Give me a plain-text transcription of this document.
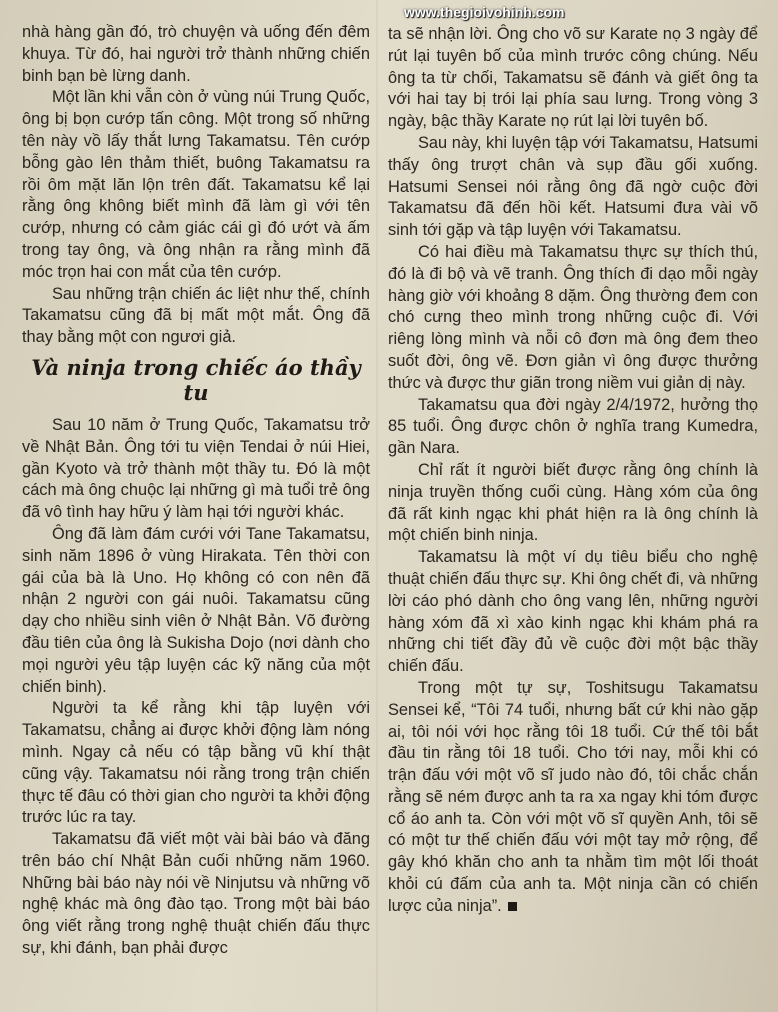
nhà hàng gần đó, trò chuyện và uống đến đêm khuya. Từ đó, hai người trở thành những chiến binh bạn bè lừng danh.

Một lần khi vẫn còn ở vùng núi Trung Quốc, ông bị bọn cướp tấn công. Một trong số những tên này vồ lấy thắt lưng Takamatsu. Tên cướp bỗng gào lên thảm thiết, buông Takamatsu ra rồi ôm mặt lăn lộn trên đất. Takamatsu kể lại rằng ông không biết mình đã làm gì với tên cướp, nhưng có cảm giác cái gì đó ướt và ấm trong tay ông, và ông nhận ra rằng mình đã móc trọn hai con mắt của tên cướp.

Sau những trận chiến ác liệt như thế, chính Takamatsu cũng đã bị mất một mắt. Ông đã thay bằng một con ngươi giả.

Và ninja trong chiếc áo thầy tu

Sau 10 năm ở Trung Quốc, Takamatsu trở về Nhật Bản. Ông tới tu viện Tendai ở núi Hiei, gần Kyoto và trở thành một thầy tu. Đó là một cách mà ông chuộc lại những gì mà tuổi trẻ ông đã vô tình hay hữu ý làm hại tới người khác.

Ông đã làm đám cưới với Tane Takamatsu, sinh năm 1896 ở vùng Hirakata. Tên thời con gái của bà là Uno. Họ không có con nên đã nhận 2 người con gái nuôi. Takamatsu cũng dạy cho nhiều sinh viên ở Nhật Bản. Võ đường đầu tiên của ông là Sukisha Dojo (nơi dành cho mọi người yêu tập luyện các kỹ năng của một chiến binh).

Người ta kể rằng khi tập luyện với Takamatsu, chẳng ai được khởi động làm nóng mình. Ngay cả nếu có tập bằng vũ khí thật cũng vậy. Takamatsu nói rằng trong trận chiến thực tế đâu có thời gian cho người ta khởi động trước lúc ra tay.

Takamatsu đã viết một vài bài báo và đăng trên báo chí Nhật Bản cuối những năm 1960. Những bài báo này nói về Ninjutsu và những võ nghệ khác mà ông đào tạo. Trong một bài báo ông viết rằng trong nghệ thuật chiến đấu thực sự, khi đánh, bạn phải được

ta sẽ nhận lời. Ông cho võ sư Karate nọ 3 ngày để rút lại tuyên bố của mình trước công chúng. Nếu ông ta từ chối, Takamatsu sẽ đánh và giết ông ta với hai tay bị trói lại phía sau lưng. Trong vòng 3 ngày, bậc thầy Karate nọ rút lại lời tuyên bố.

Sau này, khi luyện tập với Takamatsu, Hatsumi thấy ông trượt chân và sụp đầu gối xuống. Hatsumi Sensei nói rằng ông đã ngờ cuộc đời Takamatsu đã đến hồi kết. Hatsumi đưa vài võ sinh tới gặp và tập luyện với Takamatsu.

Có hai điều mà Takamatsu thực sự thích thú, đó là đi bộ và vẽ tranh. Ông thích đi dạo mỗi ngày hàng giờ với khoảng 8 dặm. Ông thường đem con chó cưng theo mình trong những cuộc đi. Với riêng lòng mình và nỗi cô đơn mà ông đem theo suốt đời, ông vẽ. Đơn giản vì ông được thưởng thức và được thư giãn trong niềm vui giản dị này.

Takamatsu qua đời ngày 2/4/1972, hưởng thọ 85 tuổi. Ông được chôn ở nghĩa trang Kumedra, gần Nara.

Chỉ rất ít người biết được rằng ông chính là ninja truyền thống cuối cùng. Hàng xóm của ông đã rất kinh ngạc khi phát hiện ra là ông chính là một chiến binh ninja.

Takamatsu là một ví dụ tiêu biểu cho nghệ thuật chiến đấu thực sự. Khi ông chết đi, và những lời cáo phó dành cho ông vang lên, những người hàng xóm đã xì xào kinh ngạc khi khám phá ra những chi tiết đầy đủ về cuộc đời một bậc thầy chiến đấu.

Trong một tự sự, Toshitsugu Takamatsu Sensei kể, “Tôi 74 tuổi, nhưng bất cứ khi nào gặp ai, tôi nói với học rằng tôi 18 tuổi. Cứ thế tôi bắt đầu tin rằng tôi 18 tuổi. Cho tới nay, mỗi khi có trận đấu với một võ sĩ judo nào đó, tôi chắc chắn rằng sẽ ném được anh ta ra xa ngay khi tóm được cổ áo anh ta. Còn với một võ sĩ quyền Anh, tôi sẽ có một tư thế chiến đấu với một tay mở rộng, để gây khó khăn cho anh ta nhằm tìm một lối thoát khỏi cú đấm của anh ta. Một ninja cần có chiến lược của ninja”.

www.thegioivohinh.com
